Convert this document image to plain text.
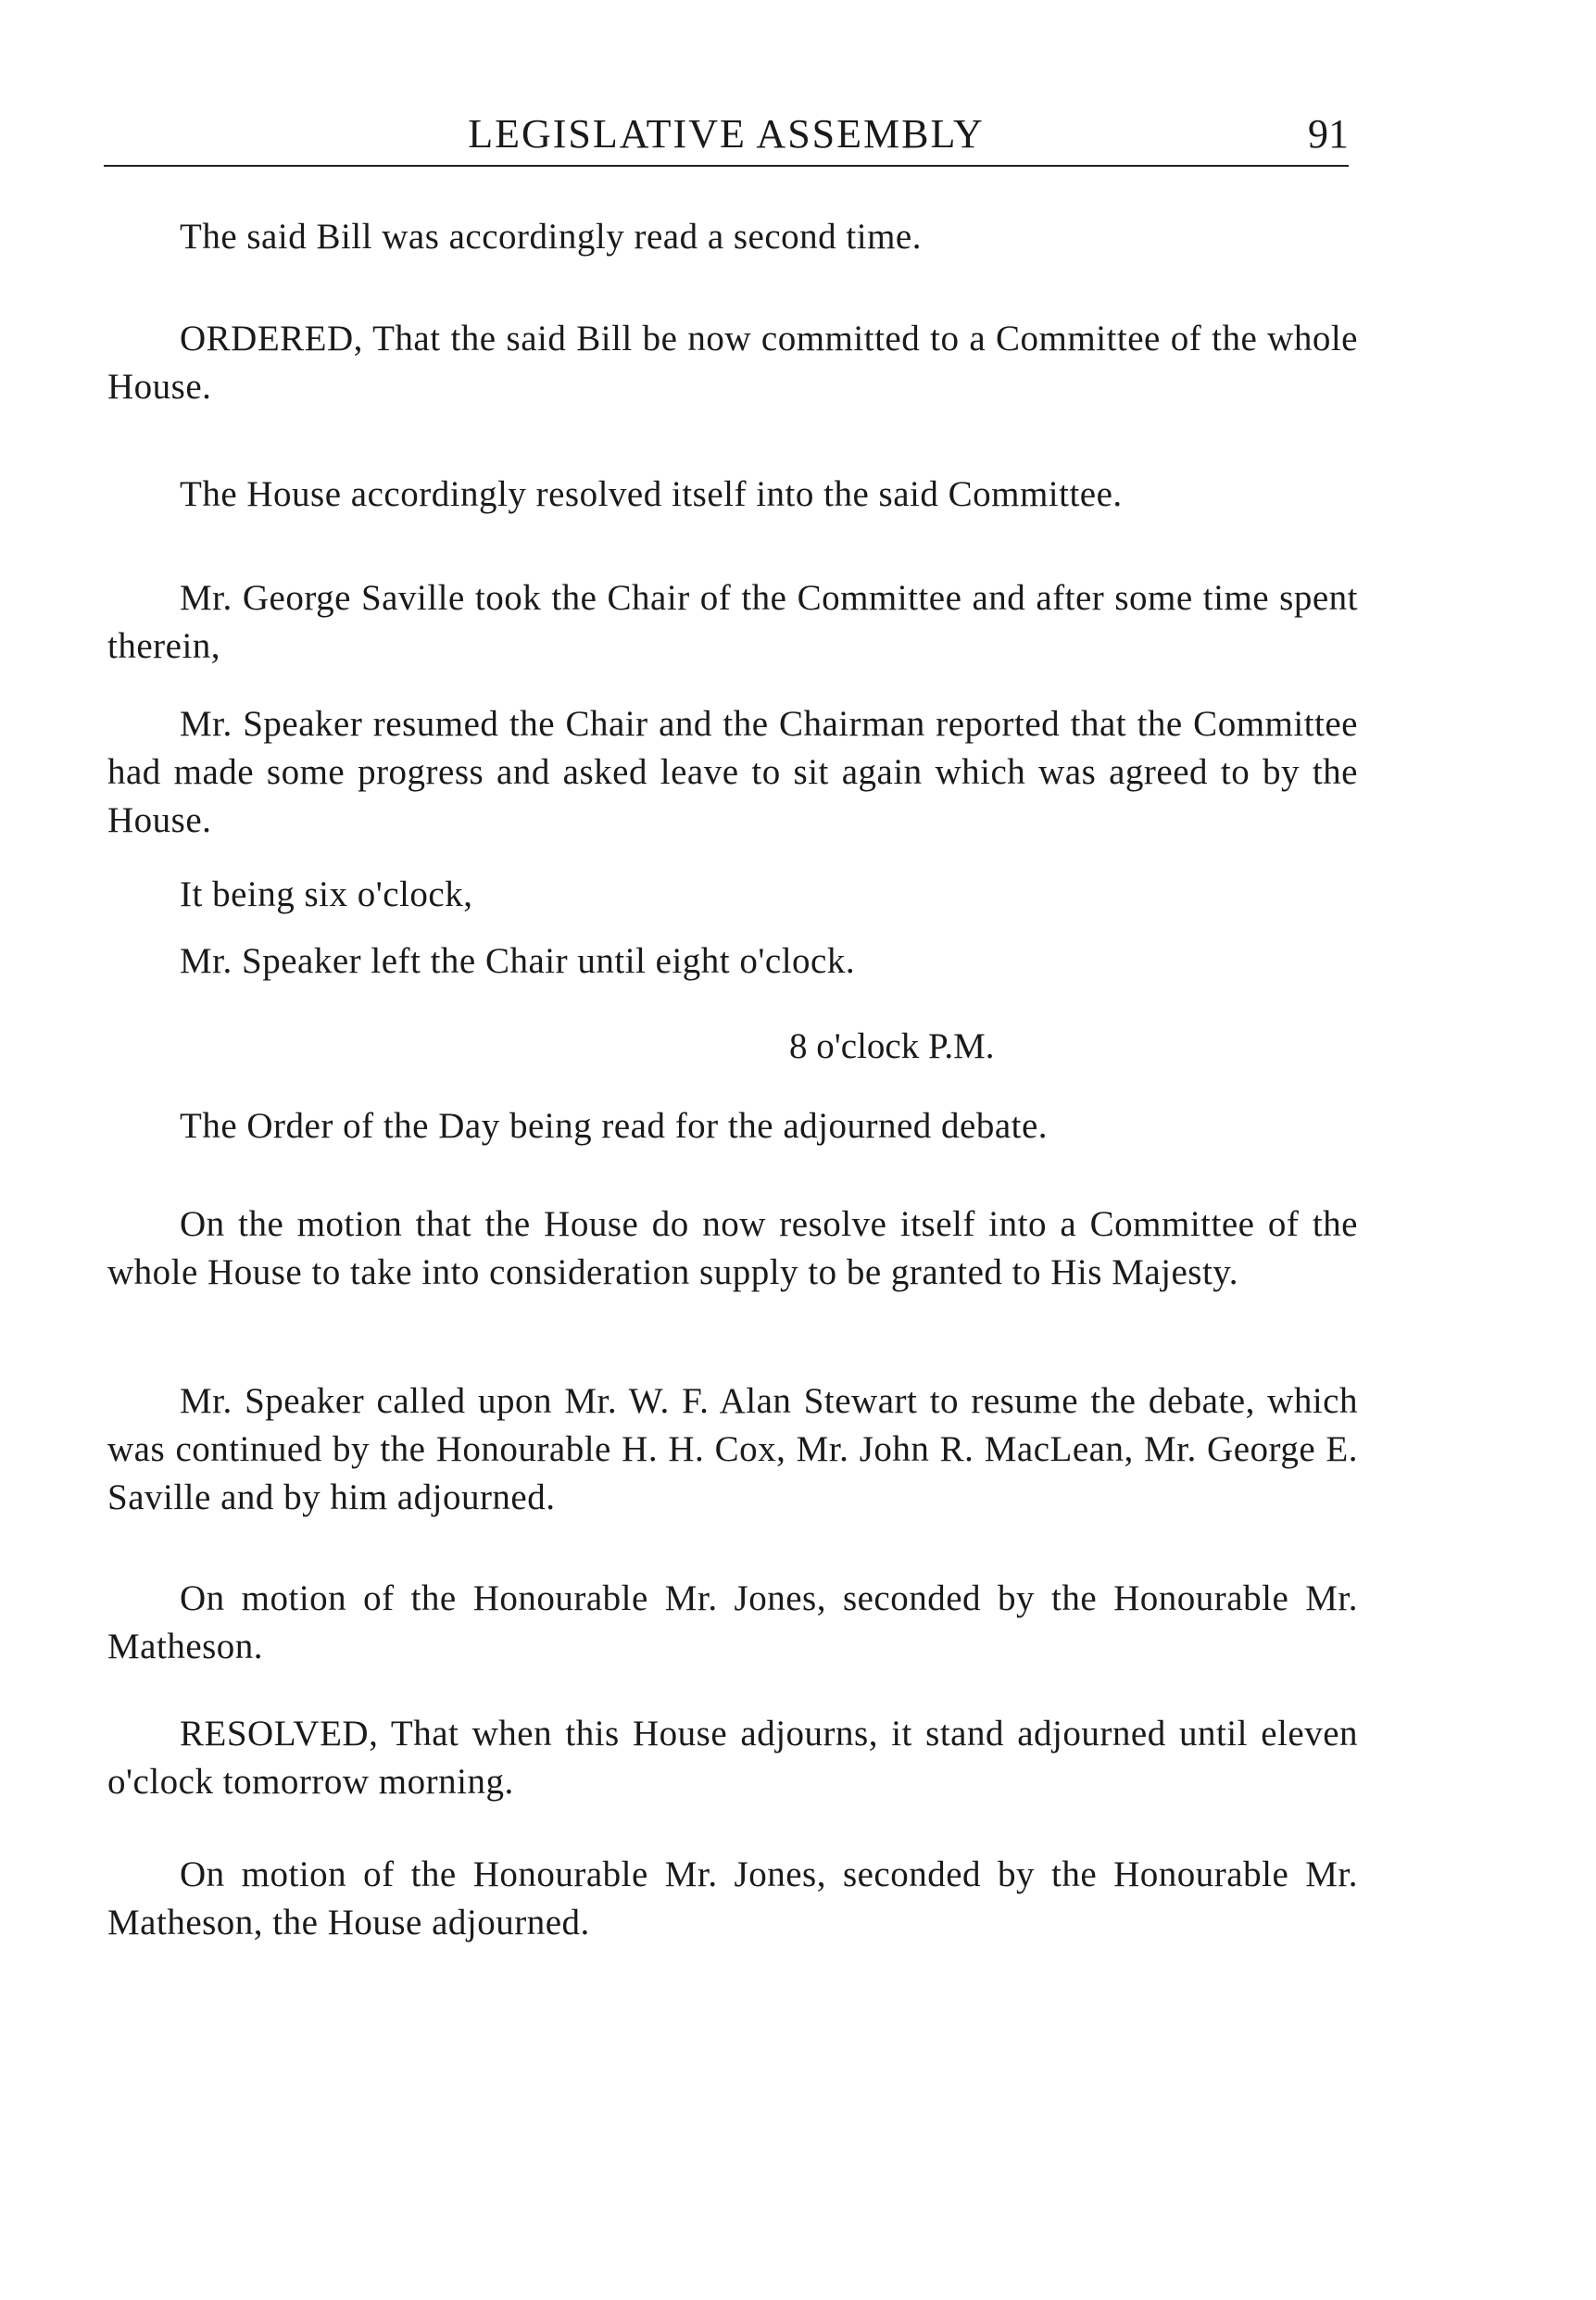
LEGISLATIVE ASSEMBLY	91

The said Bill was accordingly read a second time.

ORDERED, That the said Bill be now committed to a Committee of the whole House.

The House accordingly resolved itself into the said Committee.

Mr. George Saville took the Chair of the Committee and after some time spent therein,

Mr. Speaker resumed the Chair and the Chairman reported that the Committee had made some progress and asked leave to sit again which was agreed to by the House.

It being six o'clock,

Mr. Speaker left the Chair until eight o'clock.

8 o'clock P.M.

The Order of the Day being read for the adjourned debate.

On the motion that the House do now resolve itself into a Committee of the whole House to take into consideration supply to be granted to His Majesty.

Mr. Speaker called upon Mr. W. F. Alan Stewart to resume the debate, which was continued by the Honourable H. H. Cox, Mr. John R. MacLean, Mr. George E. Saville and by him adjourned.

On motion of the Honourable Mr. Jones, seconded by the Honourable Mr. Matheson.

RESOLVED, That when this House adjourns, it stand adjourned until eleven o'clock tomorrow morning.

On motion of the Honourable Mr. Jones, seconded by the Honourable Mr. Matheson, the House adjourned.
